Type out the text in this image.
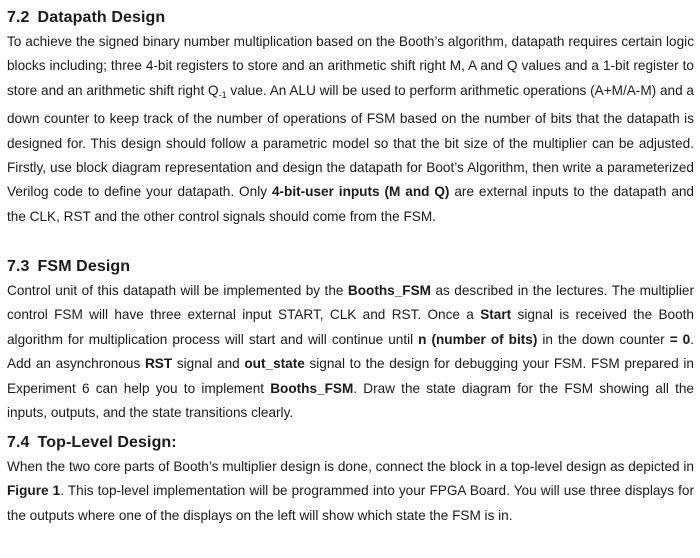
7.2 Datapath Design

To achieve the signed binary number multiplication based on the Booth’s algorithm, datapath requires certain logic blocks including; three 4-bit registers to store and an arithmetic shift right M, A and Q values and a 1-bit register to store and an arithmetic shift right $Q_{-1}$ value. An ALU will be used to perform arithmetic operations (A+M/A-M) and a down counter to keep track of the number of operations of FSM based on the number of bits that the datapath is designed for. This design should follow a parametric model so that the bit size of the multiplier can be adjusted. Firstly, use block diagram representation and design the datapath for Boot’s Algorithm, then write a parameterized Verilog code to define your datapath. Only 4-bit-user inputs (M and Q) are external inputs to the datapath and the CLK, RST and the other control signals should come from the FSM.

7.3 FSM Design

Control unit of this datapath will be implemented by the Booths_FSM as described in the lectures. The multiplier control FSM will have three external input START, CLK and RST. Once a Start signal is received the Booth algorithm for multiplication process will start and will continue until n (number of bits) in the down counter = 0. Add an asynchronous RST signal and out_state signal to the design for debugging your FSM. FSM prepared in Experiment 6 can help you to implement Booths_FSM. Draw the state diagram for the FSM showing all the inputs, outputs, and the state transitions clearly.

7.4 Top-Level Design:

When the two core parts of Booth’s multiplier design is done, connect the block in a top-level design as depicted in Figure 1. This top-level implementation will be programmed into your FPGA Board. You will use three displays for the outputs where one of the displays on the left will show which state the FSM is in.
